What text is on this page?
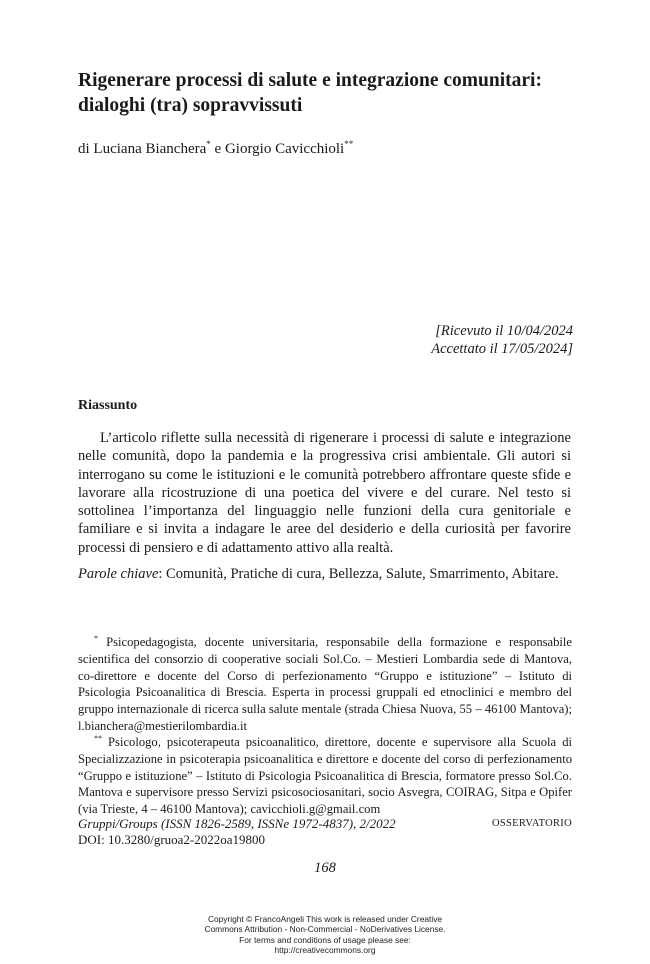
Rigenerare processi di salute e integrazione comunitari:
dialoghi (tra) sopravvissuti
di Luciana Bianchera* e Giorgio Cavicchioli**
[Ricevuto il 10/04/2024
Accettato il 17/05/2024]
Riassunto

L’articolo riflette sulla necessità di rigenerare i processi di salute e integrazione nelle comunità, dopo la pandemia e la progressiva crisi ambientale. Gli autori si interrogano su come le istituzioni e le comunità potrebbero affrontare queste sfide e lavorare alla ricostruzione di una poetica del vivere e del curare. Nel testo si sottolinea l’importanza del linguaggio nelle funzioni della cura genitoriale e familiare e si invita a indagare le aree del desiderio e della curiosità per favorire processi di pensiero e di adattamento attivo alla realtà.

Parole chiave: Comunità, Pratiche di cura, Bellezza, Salute, Smarrimento, Abitare.

* Psicopedagogista, docente universitaria, responsabile della formazione e responsabile scientifica del consorzio di cooperative sociali Sol.Co. – Mestieri Lombardia sede di Mantova, co-direttore e docente del Corso di perfezionamento “Gruppo e istituzione” – Istituto di Psicologia Psicoanalitica di Brescia. Esperta in processi gruppali ed etnoclinici e membro del gruppo internazionale di ricerca sulla salute mentale (strada Chiesa Nuova, 55 – 46100 Mantova); l.bianchera@mestierilombardia.it

** Psicologo, psicoterapeuta psicoanalitico, direttore, docente e supervisore alla Scuola di Specializzazione in psicoterapia psicoanalitica e direttore e docente del corso di perfezionamento “Gruppo e istituzione” – Istituto di Psicologia Psicoanalitica di Brescia, formatore presso Sol.Co. Mantova e supervisore presso Servizi psicosociosanitari, socio Asvegra, COIRAG, Sitpa e Opifer (via Trieste, 4 – 46100 Mantova); cavicchioli.g@gmail.com

Gruppi/Groups (ISSN 1826-2589, ISSNe 1972-4837), 2/2022
DOI: 10.3280/gruoa2-2022oa19800
OSSERVATORIO
168
Copyright © FrancoAngeli This work is released under Creative
Commons Attribution - Non-Commercial - NoDerivatives License.
For terms and conditions of usage please see:
http://creativecommons.org
